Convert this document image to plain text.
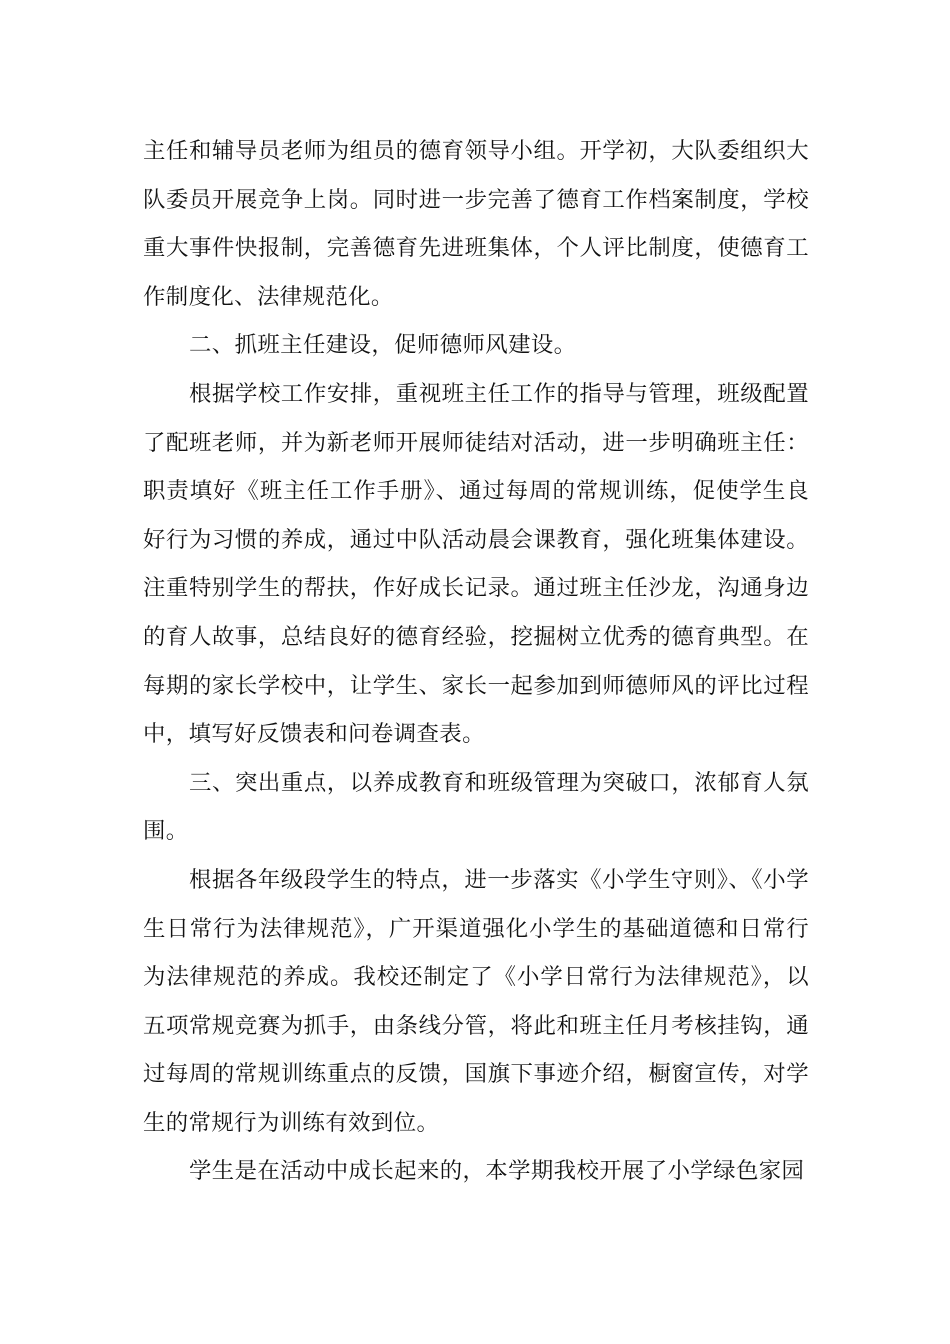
主任和辅导员老师为组员的德育领导小组。开学初，大队委组织大队委员开展竞争上岗。同时进一步完善了德育工作档案制度，学校重大事件快报制，完善德育先进班集体，个人评比制度，使德育工作制度化、法律规范化。

二、抓班主任建设，促师德师风建设。

根据学校工作安排，重视班主任工作的指导与管理，班级配置了配班老师，并为新老师开展师徒结对活动，进一步明确班主任：职责填好《班主任工作手册》、通过每周的常规训练，促使学生良好行为习惯的养成，通过中队活动晨会课教育，强化班集体建设。注重特别学生的帮扶，作好成长记录。通过班主任沙龙，沟通身边的育人故事，总结良好的德育经验，挖掘树立优秀的德育典型。在每期的家长学校中，让学生、家长一起参加到师德师风的评比过程中，填写好反馈表和问卷调查表。

三、突出重点，以养成教育和班级管理为突破口，浓郁育人氛围。

根据各年级段学生的特点，进一步落实《小学生守则》、《小学生日常行为法律规范》，广开渠道强化小学生的基础道德和日常行为法律规范的养成。我校还制定了《小学日常行为法律规范》，以五项常规竞赛为抓手，由条线分管，将此和班主任月考核挂钩，通过每周的常规训练重点的反馈，国旗下事迹介绍，橱窗宣传，对学生的常规行为训练有效到位。

学生是在活动中成长起来的，本学期我校开展了小学绿色家园
